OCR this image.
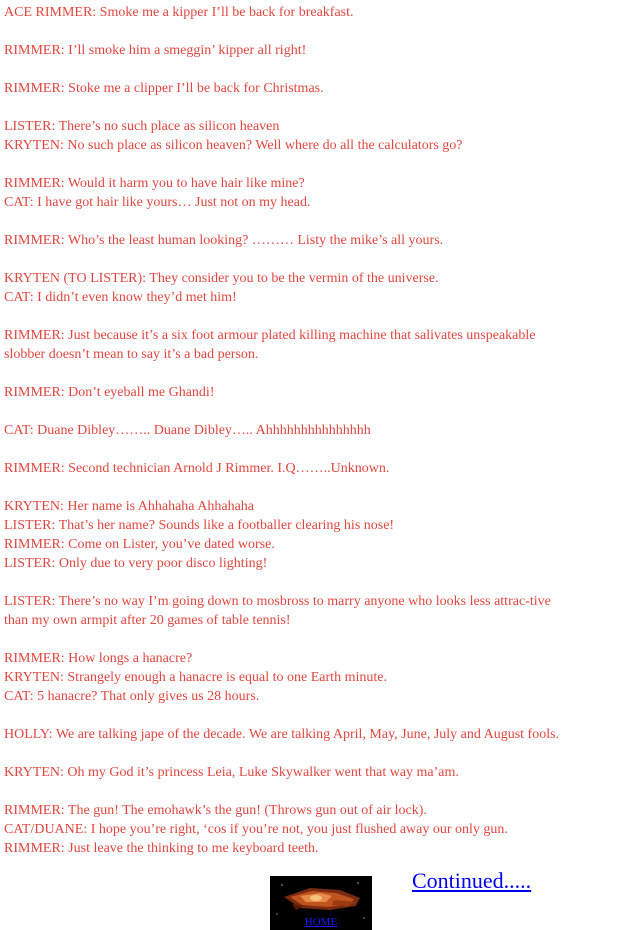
ACE RIMMER: Smoke me a kipper I’ll be back for breakfast.

RIMMER: I’ll smoke him a smeggin’ kipper all right!

RIMMER: Stoke me a clipper I’ll be back for Christmas.

LISTER: There’s no such place as silicon heaven

KRYTEN: No such place as silicon heaven? Well where do all the calculators go?

RIMMER: Would it harm you to have hair like mine?

CAT: I have got hair like yours… Just not on my head.

RIMMER: Who’s the least human looking? ……… Listy the mike’s all yours.

KRYTEN (TO LISTER): They consider you to be the vermin of the universe.

CAT: I didn’t even know they’d met him!

RIMMER: Just because it’s a six foot armour plated killing machine that salivates unspeakable slobber doesn’t mean to say it’s a bad person.

RIMMER: Don’t eyeball me Ghandi!

CAT: Duane Dibley…….. Duane Dibley….. Ahhhhhhhhhhhhhhh

RIMMER: Second technician Arnold J Rimmer. I.Q……..Unknown.

KRYTEN: Her name is Ahhahaha Ahhahaha

LISTER: That’s her name? Sounds like a footballer clearing his nose!

RIMMER: Come on Lister, you’ve dated worse.

LISTER: Only due to very poor disco lighting!

LISTER: There’s no way I’m going down to mosbross to marry anyone who looks less attrac-tive than my own armpit after 20 games of table tennis!

RIMMER: How longs a hanacre?

KRYTEN: Strangely enough a hanacre is equal to one Earth minute.

CAT: 5 hanacre? That only gives us 28 hours.

HOLLY: We are talking jape of the decade. We are talking April, May, June, July and August fools.

KRYTEN: Oh my God it’s princess Leia, Luke Skywalker went that way ma’am.

RIMMER: The gun! The emohawk’s the gun! (Throws gun out of air lock).

CAT/DUANE: I hope you’re right, ‘cos if you’re not, you just flushed away our only gun.

RIMMER: Just leave the thinking to me keyboard teeth.

HOME
Continued.....
